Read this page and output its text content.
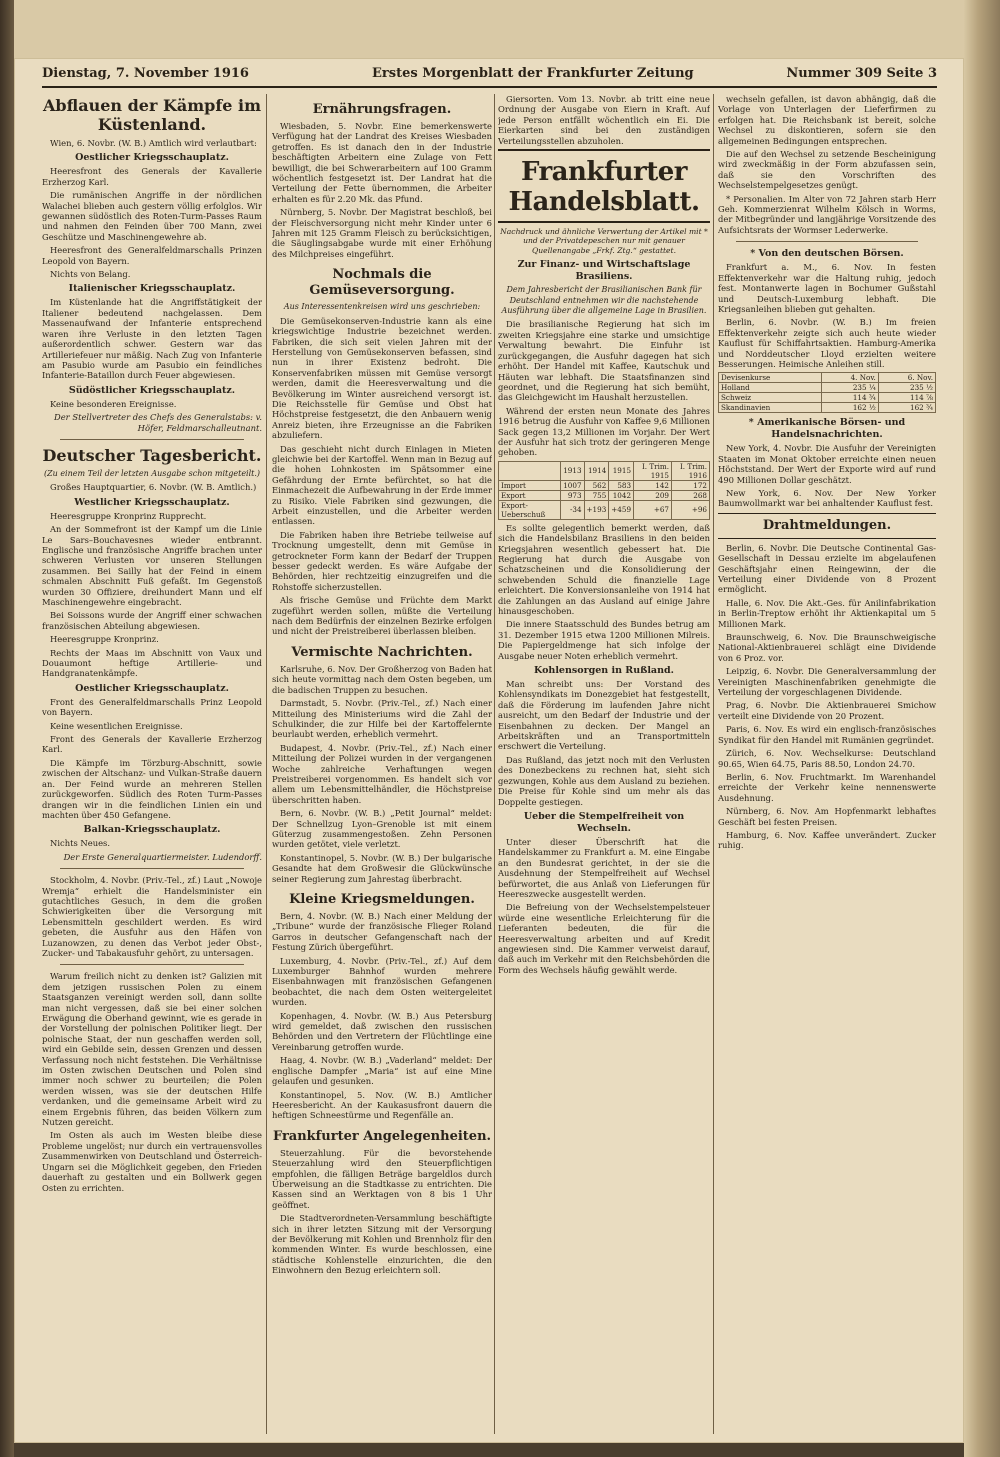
Dienstag, 7. November 1916	Erstes Morgenblatt der Frankfurter Zeitung	Nummer 309 Seite 3
Abflauen der Kämpfe im Küstenland.

Wien, 6. Novbr. (W. B.) Amtlich wird verlautbart:

Oestlicher Kriegsschauplatz.

Heeresfront des Generals der Kavallerie Erzherzog Karl.

Die rumänischen Angriffe in der nördlichen Walachei blieben auch gestern völlig erfolglos. Wir gewannen südöstlich des Roten-Turm-Passes Raum und nahmen den Feinden über 700 Mann, zwei Geschütze und Maschinengewehre ab.

Heeresfront des Generalfeldmarschalls Prinzen Leopold von Bayern.

Nichts von Belang.

Italienischer Kriegsschauplatz.

Im Küstenlande hat die Angriffstätigkeit der Italiener bedeutend nachgelassen. Dem Massenaufwand der Infanterie entsprechend waren ihre Verluste in den letzten Tagen außerordentlich schwer. Gestern war das Artilleriefeuer nur mäßig. Nach Zug von Infanterie am Pasubio wurde am Pasubio ein feindliches Infanterie-Bataillon durch Feuer abgewiesen.

Südöstlicher Kriegsschauplatz.

Keine besonderen Ereignisse.

Der Stellvertreter des Chefs des Generalstabs: v. Höfer, Feldmarschalleutnant.
Deutscher Tagesbericht.
(Zu einem Teil der letzten Ausgabe schon mitgeteilt.)

Großes Hauptquartier, 6. Novbr. (W. B. Amtlich.)

Westlicher Kriegsschauplatz.

Heeresgruppe Kronprinz Rupprecht.

An der Sommefront ist der Kampf um die Linie Le Sars–Bouchavesnes wieder entbrannt. Englische und französische Angriffe brachen unter schweren Verlusten vor unseren Stellungen zusammen. Bei Sailly hat der Feind in einem schmalen Abschnitt Fuß gefaßt. Im Gegenstoß wurden 30 Offiziere, dreihundert Mann und elf Maschinengewehre eingebracht.

Bei Soissons wurde der Angriff einer schwachen französischen Abteilung abgewiesen.

Heeresgruppe Kronprinz.

Rechts der Maas im Abschnitt von Vaux und Douaumont heftige Artillerie- und Handgranatenkämpfe.

Oestlicher Kriegsschauplatz.

Front des Generalfeldmarschalls Prinz Leopold von Bayern.

Keine wesentlichen Ereignisse.

Front des Generals der Kavallerie Erzherzog Karl.

Die Kämpfe im Törzburg-Abschnitt, sowie zwischen der Altschanz- und Vulkan-Straße dauern an. Der Feind wurde an mehreren Stellen zurückgeworfen. Südlich des Roten Turm-Passes drangen wir in die feindlichen Linien ein und machten über 450 Gefangene.

Balkan-Kriegsschauplatz.

Nichts Neues.

Der Erste Generalquartiermeister. Ludendorff.

Stockholm, 4. Novbr. (Priv.-Tel., zf.) Laut „Nowoje Wremja“ erhielt die Handelsminister ein gutachtliches Gesuch, in dem die großen Schwierigkeiten über die Versorgung mit Lebensmitteln geschildert werden. Es wird gebeten, die Ausfuhr aus den Häfen von Luzanowzen, zu denen das Verbot jeder Obst-, Zucker- und Tabakausfuhr gehört, zu untersagen.

Warum freilich nicht zu denken ist? Galizien mit dem jetzigen russischen Polen zu einem Staatsganzen vereinigt werden soll, dann sollte man nicht vergessen, daß sie bei einer solchen Erwägung die Oberhand gewinnt, wie es gerade in der Vorstellung der polnischen Politiker liegt. Der polnische Staat, der nun geschaffen werden soll, wird ein Gebilde sein, dessen Grenzen und dessen Verfassung noch nicht feststehen. Die Verhältnisse im Osten zwischen Deutschen und Polen sind immer noch schwer zu beurteilen; die Polen werden wissen, was sie der deutschen Hilfe verdanken, und die gemeinsame Arbeit wird zu einem Ergebnis führen, das beiden Völkern zum Nutzen gereicht.

Im Osten als auch im Westen bleibe diese Probleme ungelöst; nur durch ein vertrauensvolles Zusammenwirken von Deutschland und Österreich-Ungarn sei die Möglichkeit gegeben, den Frieden dauerhaft zu gestalten und ein Bollwerk gegen Osten zu errichten.

Ernährungsfragen.

Wiesbaden, 5. Novbr. Eine bemerkenswerte Verfügung hat der Landrat des Kreises Wiesbaden getroffen. Es ist danach den in der Industrie beschäftigten Arbeitern eine Zulage von Fett bewilligt, die bei Schwerarbeitern auf 100 Gramm wöchentlich festgesetzt ist. Der Landrat hat die Verteilung der Fette übernommen, die Arbeiter erhalten es für 2.20 Mk. das Pfund.

Nürnberg, 5. Novbr. Der Magistrat beschloß, bei der Fleischversorgung nicht mehr Kinder unter 6 Jahren mit 125 Gramm Fleisch zu berücksichtigen, die Säuglingsabgabe wurde mit einer Erhöhung des Milchpreises eingeführt.

Nochmals die Gemüseversorgung.
Aus Interessentenkreisen wird uns geschrieben:

Die Gemüsekonserven-Industrie kann als eine kriegswichtige Industrie bezeichnet werden. Fabriken, die sich seit vielen Jahren mit der Herstellung von Gemüsekonserven befassen, sind nun in ihrer Existenz bedroht. Die Konservenfabriken müssen mit Gemüse versorgt werden, damit die Heeresverwaltung und die Bevölkerung im Winter ausreichend versorgt ist. Die Reichsstelle für Gemüse und Obst hat Höchstpreise festgesetzt, die den Anbauern wenig Anreiz bieten, ihre Erzeugnisse an die Fabriken abzuliefern.

Das geschieht nicht durch Einlagen in Mieten gleichwie bei der Kartoffel. Wenn man in Bezug auf die hohen Lohnkosten im Spätsommer eine Gefährdung der Ernte befürchtet, so hat die Einmachezeit die Aufbewahrung in der Erde immer zu Risiko. Viele Fabriken sind gezwungen, die Arbeit einzustellen, und die Arbeiter werden entlassen.

Die Fabriken haben ihre Betriebe teilweise auf Trocknung umgestellt, denn mit Gemüse in getrockneter Form kann der Bedarf der Truppen besser gedeckt werden. Es wäre Aufgabe der Behörden, hier rechtzeitig einzugreifen und die Rohstoffe sicherzustellen.

Als frische Gemüse und Früchte dem Markt zugeführt werden sollen, müßte die Verteilung nach dem Bedürfnis der einzelnen Bezirke erfolgen und nicht der Preistreiberei überlassen bleiben.

Vermischte Nachrichten.

Karlsruhe, 6. Nov. Der Großherzog von Baden hat sich heute vormittag nach dem Osten begeben, um die badischen Truppen zu besuchen.

Darmstadt, 5. Novbr. (Priv.-Tel., zf.) Nach einer Mitteilung des Ministeriums wird die Zahl der Schulkinder, die zur Hilfe bei der Kartoffelernte beurlaubt werden, erheblich vermehrt.

Budapest, 4. Novbr. (Priv.-Tel., zf.) Nach einer Mitteilung der Polizei wurden in der vergangenen Woche zahlreiche Verhaftungen wegen Preistreiberei vorgenommen. Es handelt sich vor allem um Lebensmittelhändler, die Höchstpreise überschritten haben.

Bern, 6. Novbr. (W. B.) „Petit Journal“ meldet: Der Schnellzug Lyon–Grenoble ist mit einem Güterzug zusammengestoßen. Zehn Personen wurden getötet, viele verletzt.

Konstantinopel, 5. Novbr. (W. B.) Der bulgarische Gesandte hat dem Großwesir die Glückwünsche seiner Regierung zum Jahrestag überbracht.

Kleine Kriegsmeldungen.

Bern, 4. Novbr. (W. B.) Nach einer Meldung der „Tribune“ wurde der französische Flieger Roland Garros in deutscher Gefangenschaft nach der Festung Zürich übergeführt.

Luxemburg, 4. Novbr. (Priv.-Tel., zf.) Auf dem Luxemburger Bahnhof wurden mehrere Eisenbahnwagen mit französischen Gefangenen beobachtet, die nach dem Osten weitergeleitet wurden.

Kopenhagen, 4. Novbr. (W. B.) Aus Petersburg wird gemeldet, daß zwischen den russischen Behörden und den Vertretern der Flüchtlinge eine Vereinbarung getroffen wurde.

Haag, 4. Novbr. (W. B.) „Vaderland“ meldet: Der englische Dampfer „Maria“ ist auf eine Mine gelaufen und gesunken.

Konstantinopel, 5. Nov. (W. B.) Amtlicher Heeresbericht. An der Kaukasusfront dauern die heftigen Schneestürme und Regenfälle an.

Frankfurter Angelegenheiten.

Steuerzahlung. Für die bevorstehende Steuerzahlung wird den Steuerpflichtigen empfohlen, die fälligen Beträge bargeldlos durch Überweisung an die Stadtkasse zu entrichten. Die Kassen sind an Werktagen von 8 bis 1 Uhr geöffnet.

Die Stadtverordneten-Versammlung beschäftigte sich in ihrer letzten Sitzung mit der Versorgung der Bevölkerung mit Kohlen und Brennholz für den kommenden Winter. Es wurde beschlossen, eine städtische Kohlenstelle einzurichten, die den Einwohnern den Bezug erleichtern soll.

Giersorten. Vom 13. Novbr. ab tritt eine neue Ordnung der Ausgabe von Eiern in Kraft. Auf jede Person entfällt wöchentlich ein Ei. Die Eierkarten sind bei den zuständigen Verteilungsstellen abzuholen.

Frankfurter Handelsblatt.
Nachdruck und ähnliche Verwertung der Artikel mit * und der Privatdepeschen nur mit genauer Quellenangabe „Frkf. Ztg.“ gestattet.
Zur Finanz- und Wirtschaftslage Brasiliens.
Dem Jahresbericht der Brasilianischen Bank für Deutschland entnehmen wir die nachstehende Ausführung über die allgemeine Lage in Brasilien.

Die brasilianische Regierung hat sich im zweiten Kriegsjahre eine starke und umsichtige Verwaltung bewahrt. Die Einfuhr ist zurückgegangen, die Ausfuhr dagegen hat sich erhöht. Der Handel mit Kaffee, Kautschuk und Häuten war lebhaft. Die Staatsfinanzen sind geordnet, und die Regierung hat sich bemüht, das Gleichgewicht im Haushalt herzustellen.

Während der ersten neun Monate des Jahres 1916 betrug die Ausfuhr von Kaffee 9,6 Millionen Sack gegen 13,2 Millionen im Vorjahr. Der Wert der Ausfuhr hat sich trotz der geringeren Menge gehoben.

	1913	1914	1915	I. Trim. 1915	I. Trim. 1916
Import	1007	562	583	142	172
Export	973	755	1042	209	268
Export-Ueberschuß	-34	+193	+459	+67	+96

Es sollte gelegentlich bemerkt werden, daß sich die Handelsbilanz Brasiliens in den beiden Kriegsjahren wesentlich gebessert hat. Die Regierung hat durch die Ausgabe von Schatzscheinen und die Konsolidierung der schwebenden Schuld die finanzielle Lage erleichtert. Die Konversionsanleihe von 1914 hat die Zahlungen an das Ausland auf einige Jahre hinausgeschoben.

Die innere Staatsschuld des Bundes betrug am 31. Dezember 1915 etwa 1200 Millionen Milreis. Die Papiergeldmenge hat sich infolge der Ausgabe neuer Noten erheblich vermehrt.

Kohlensorgen in Rußland.

Man schreibt uns: Der Vorstand des Kohlensyndikats im Donezgebiet hat festgestellt, daß die Förderung im laufenden Jahre nicht ausreicht, um den Bedarf der Industrie und der Eisenbahnen zu decken. Der Mangel an Arbeitskräften und an Transportmitteln erschwert die Verteilung.

Das Rußland, das jetzt noch mit den Verlusten des Donezbeckens zu rechnen hat, sieht sich gezwungen, Kohle aus dem Ausland zu beziehen. Die Preise für Kohle sind um mehr als das Doppelte gestiegen.

Ueber die Stempelfreiheit von Wechseln.

Unter dieser Überschrift hat die Handelskammer zu Frankfurt a. M. eine Eingabe an den Bundesrat gerichtet, in der sie die Ausdehnung der Stempelfreiheit auf Wechsel befürwortet, die aus Anlaß von Lieferungen für Heereszwecke ausgestellt werden.

Die Befreiung von der Wechselstempelsteuer würde eine wesentliche Erleichterung für die Lieferanten bedeuten, die für die Heeresverwaltung arbeiten und auf Kredit angewiesen sind. Die Kammer verweist darauf, daß auch im Verkehr mit den Reichsbehörden die Form des Wechsels häufig gewählt werde.

wechseln gefallen, ist davon abhängig, daß die Vorlage von Unterlagen der Lieferfirmen zu erfolgen hat. Die Reichsbank ist bereit, solche Wechsel zu diskontieren, sofern sie den allgemeinen Bedingungen entsprechen.

Die auf den Wechsel zu setzende Bescheinigung wird zweckmäßig in der Form abzufassen sein, daß sie den Vorschriften des Wechselstempelgesetzes genügt.

* Personalien. Im Alter von 72 Jahren starb Herr Geh. Kommerzienrat Wilhelm Kölsch in Worms, der Mitbegründer und langjährige Vorsitzende des Aufsichtsrats der Wormser Lederwerke.

* Von den deutschen Börsen.

Frankfurt a. M., 6. Nov. In festen Effektenverkehr war die Haltung ruhig, jedoch fest. Montanwerte lagen in Bochumer Gußstahl und Deutsch-Luxemburg lebhaft. Die Kriegsanleihen blieben gut gehalten.

Berlin, 6. Novbr. (W. B.) Im freien Effektenverkehr zeigte sich auch heute wieder Kauflust für Schiffahrtsaktien. Hamburg-Amerika und Norddeutscher Lloyd erzielten weitere Besserungen. Heimische Anleihen still.

Devisenkurse	4. Nov.	6. Nov.
Holland	235 ¼	235 ½
Schweiz	114 ¾	114 ⅞
Skandinavien	162 ½	162 ¾
* Amerikanische Börsen- und Handelsnachrichten.

New York, 4. Novbr. Die Ausfuhr der Vereinigten Staaten im Monat Oktober erreichte einen neuen Höchststand. Der Wert der Exporte wird auf rund 490 Millionen Dollar geschätzt.

New York, 6. Nov. Der New Yorker Baumwollmarkt war bei anhaltender Kauflust fest.

Drahtmeldungen.

Berlin, 6. Novbr. Die Deutsche Continental Gas-Gesellschaft in Dessau erzielte im abgelaufenen Geschäftsjahr einen Reingewinn, der die Verteilung einer Dividende von 8 Prozent ermöglicht.

Halle, 6. Nov. Die Akt.-Ges. für Anilinfabrikation in Berlin-Treptow erhöht ihr Aktienkapital um 5 Millionen Mark.

Braunschweig, 6. Nov. Die Braunschweigische National-Aktienbrauerei schlägt eine Dividende von 6 Proz. vor.

Leipzig, 6. Novbr. Die Generalversammlung der Vereinigten Maschinenfabriken genehmigte die Verteilung der vorgeschlagenen Dividende.

Prag, 6. Novbr. Die Aktienbrauerei Smichow verteilt eine Dividende von 20 Prozent.

Paris, 6. Nov. Es wird ein englisch-französisches Syndikat für den Handel mit Rumänien gegründet.

Zürich, 6. Nov. Wechselkurse: Deutschland 90.65, Wien 64.75, Paris 88.50, London 24.70.

Berlin, 6. Nov. Fruchtmarkt. Im Warenhandel erreichte der Verkehr keine nennenswerte Ausdehnung.

Nürnberg, 6. Nov. Am Hopfenmarkt lebhaftes Geschäft bei festen Preisen.

Hamburg, 6. Nov. Kaffee unverändert. Zucker ruhig.
